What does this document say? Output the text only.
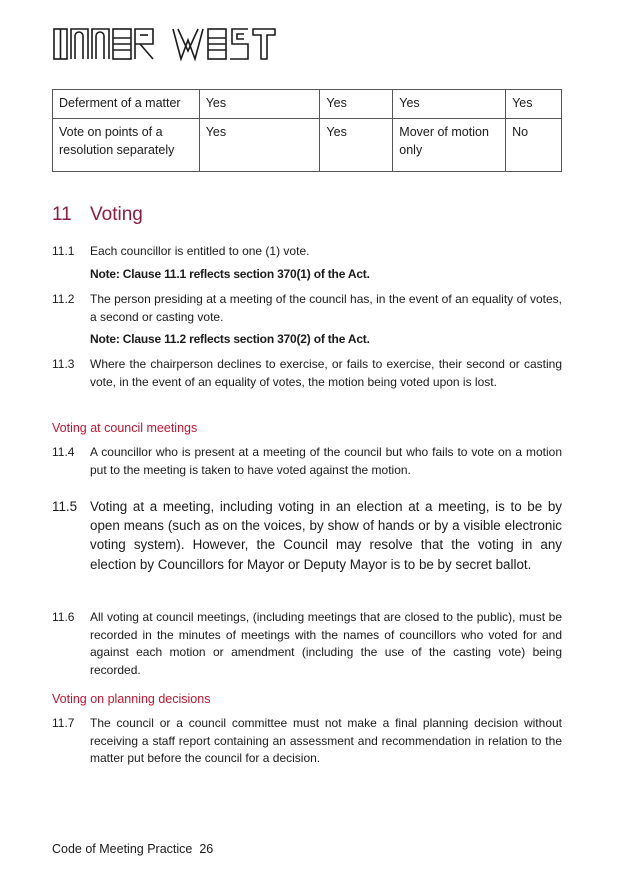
Deferment of a matter	Yes	Yes	Yes	Yes
Vote on points of a resolution separately	Yes	Yes	Mover of motion only	No
11 Voting
11.1	Each councillor is entitled to one (1) vote.
Note: Clause 11.1 reflects section 370(1) of the Act.
11.2	The person presiding at a meeting of the council has, in the event of an equality of votes, a second or casting vote.
Note: Clause 11.2 reflects section 370(2) of the Act.
11.3	Where the chairperson declines to exercise, or fails to exercise, their second or casting vote, in the event of an equality of votes, the motion being voted upon is lost.
Voting at council meetings
11.4	A councillor who is present at a meeting of the council but who fails to vote on a motion put to the meeting is taken to have voted against the motion.
11.5 Voting at a meeting, including voting in an election at a meeting, is to be by open means (such as on the voices, by show of hands or by a visible electronic voting system). However, the Council may resolve that the voting in any election by Councillors for Mayor or Deputy Mayor is to be by secret ballot.
11.6	All voting at council meetings, (including meetings that are closed to the public), must be recorded in the minutes of meetings with the names of councillors who voted for and against each motion or amendment (including the use of the casting vote) being recorded.
Voting on planning decisions
11.7	The council or a council committee must not make a final planning decision without receiving a staff report containing an assessment and recommendation in relation to the matter put before the council for a decision.
Code of Meeting Practice 26
